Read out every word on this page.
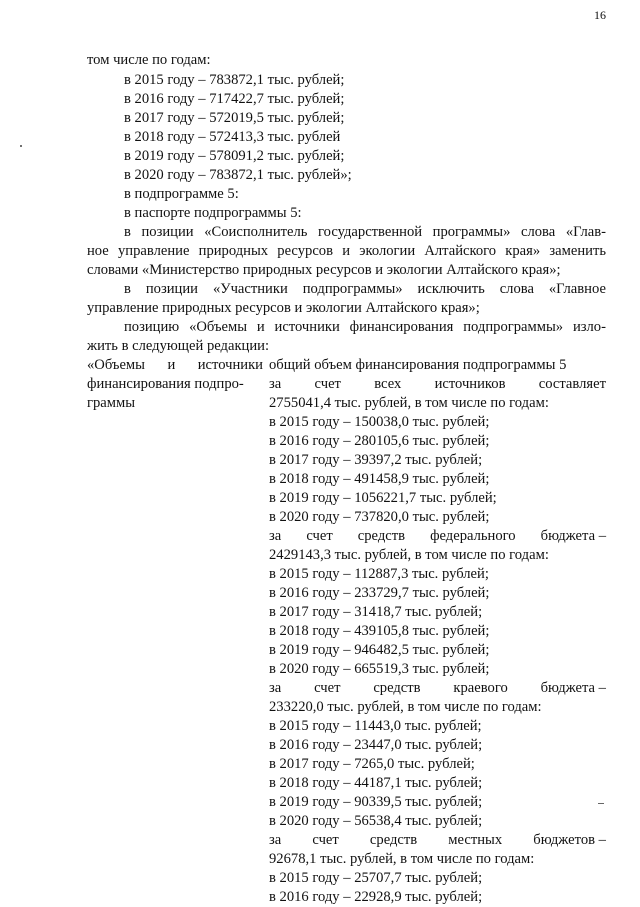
16
том числе по годам:
в 2015 году – 783872,1 тыс. рублей;
в 2016 году – 717422,7 тыс. рублей;
в 2017 году – 572019,5 тыс. рублей;
в 2018 году – 572413,3 тыс. рублей
в 2019 году – 578091,2 тыс. рублей;
в 2020 году – 783872,1 тыс. рублей»;
в подпрограмме 5:
в паспорте подпрограммы 5:
в позиции «Соисполнитель государственной программы» слова «Глав-
ное управление природных ресурсов и экологии Алтайского края» заменить
словами «Министерство природных ресурсов и экологии Алтайского края»;
в позиции «Участники подпрограммы» исключить слова «Главное
управление природных ресурсов и экологии Алтайского края»;
позицию «Объемы и источники финансирования подпрограммы» изло-
жить в следующей редакции:
«Объемы и источники
финансирования подпро-
граммы
общий объем финансирования подпрограммы 5
за счет всех источников составляет
2755041,4 тыс. рублей, в том числе по годам:
в 2015 году – 150038,0 тыс. рублей;
в 2016 году – 280105,6 тыс. рублей;
в 2017 году – 39397,2 тыс. рублей;
в 2018 году – 491458,9 тыс. рублей;
в 2019 году – 1056221,7 тыс. рублей;
в 2020 году – 737820,0 тыс. рублей;
за счет средств федерального бюджета –
2429143,3 тыс. рублей, в том числе по годам:
в 2015 году – 112887,3 тыс. рублей;
в 2016 году – 233729,7 тыс. рублей;
в 2017 году – 31418,7 тыс. рублей;
в 2018 году – 439105,8 тыс. рублей;
в 2019 году – 946482,5 тыс. рублей;
в 2020 году – 665519,3 тыс. рублей;
за счет средств краевого бюджета –
233220,0 тыс. рублей, в том числе по годам:
в 2015 году – 11443,0 тыс. рублей;
в 2016 году – 23447,0 тыс. рублей;
в 2017 году – 7265,0 тыс. рублей;
в 2018 году – 44187,1 тыс. рублей;
в 2019 году – 90339,5 тыс. рублей;
в 2020 году – 56538,4 тыс. рублей;
за счет средств местных бюджетов –
92678,1 тыс. рублей, в том числе по годам:
в 2015 году – 25707,7 тыс. рублей;
в 2016 году – 22928,9 тыс. рублей;
